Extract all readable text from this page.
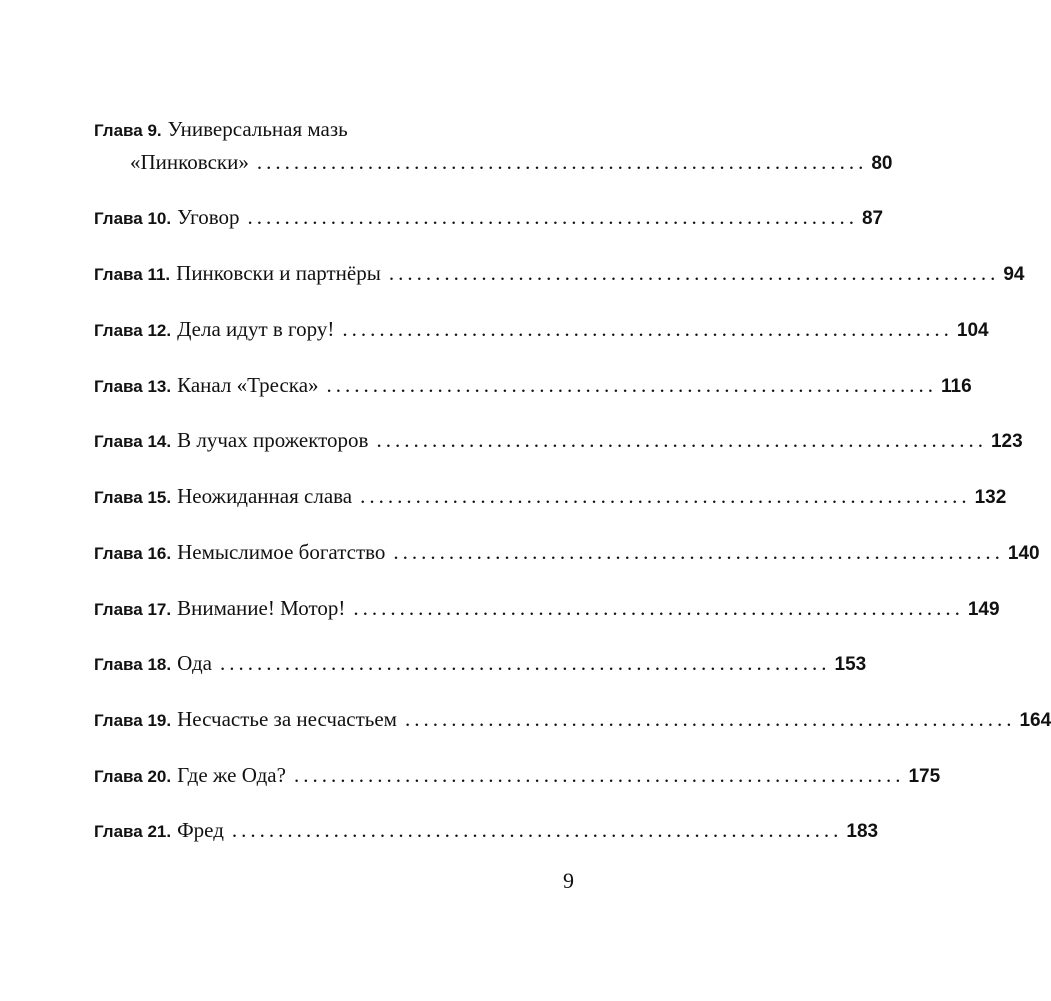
Глава 9. Универсальная мазь
«Пинковски» .................................................................. 80
Глава 10. Уговор .................................................................. 87
Глава 11. Пинковски и партнёры .................................................................. 94
Глава 12. Дела идут в гору! .................................................................. 104
Глава 13. Канал «Треска» .................................................................. 116
Глава 14. В лучах прожекторов .................................................................. 123
Глава 15. Неожиданная слава .................................................................. 132
Глава 16. Немыслимое богатство .................................................................. 140
Глава 17. Внимание! Мотор! .................................................................. 149
Глава 18. Ода .................................................................. 153
Глава 19. Несчастье за несчастьем .................................................................. 164
Глава 20. Где же Ода? .................................................................. 175
Глава 21. Фред .................................................................. 183
9
